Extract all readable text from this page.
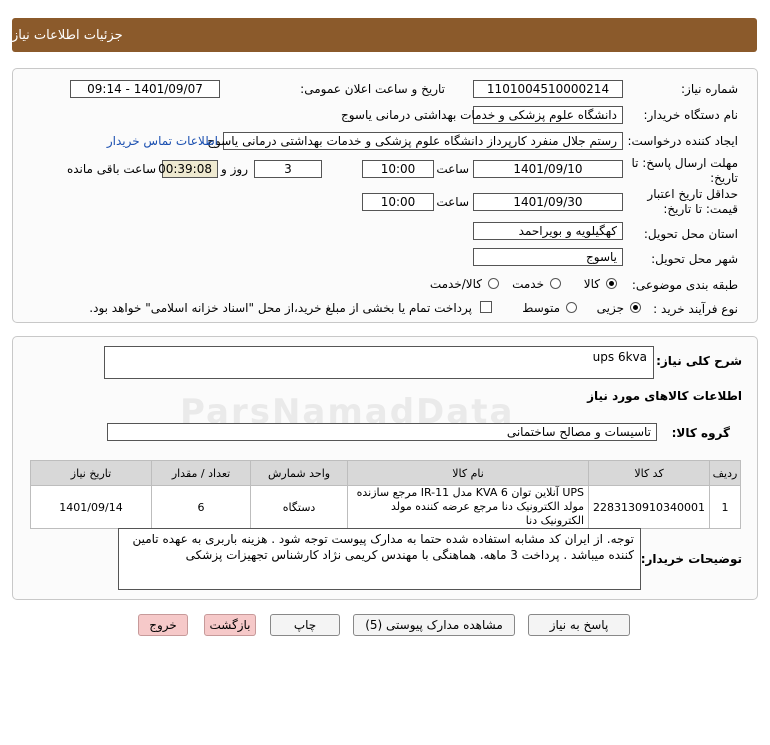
جزئیات اطلاعات نیاز
شماره نیاز:
1101004510000214
تاریخ و ساعت اعلان عمومی:
1401/09/07 - 09:14
نام دستگاه خریدار:
دانشگاه علوم پزشکی و خدمات بهداشتی درمانی یاسوج
ایجاد کننده درخواست:
رستم جلال منفرد کارپرداز دانشگاه علوم پزشکی و خدمات بهداشتی درمانی یاسوج
اطلاعات تماس خریدار
مهلت ارسال پاسخ: تا
تاریخ:
1401/09/10
ساعت
10:00
3
روز و
00:39:08
ساعت باقی مانده
حداقل تاریخ اعتبار
قیمت: تا تاریخ:
1401/09/30
ساعت
10:00
استان محل تحویل:
کهگیلویه و بویراحمد
شهر محل تحویل:
یاسوج
طبقه بندی موضوعی:
کالا
خدمت
کالا/خدمت
نوع فرآیند خرید :
جزیی
متوسط
پرداخت تمام یا بخشی از مبلغ خرید،از محل "اسناد خزانه اسلامی" خواهد بود.
شرح کلی نیاز:
ups 6kva
اطلاعات کالاهای مورد نیاز
گروه کالا:
تاسیسات و مصالح ساختمانی
ردیف	کد کالا	نام کالا	واحد شمارش	تعداد / مقدار	تاریخ نیاز
1	2283130910340001	UPS آنلاین توان KVA 6 مدل IR-11 مرجع سازنده مولد الکترونیک دنا مرجع عرضه کننده مولد الکترونیک دنا	دستگاه	6	1401/09/14
توضیحات خریدار:
توجه. از ایران کد مشابه استفاده شده حتما به مدارک پیوست توجه شود . هزینه باربری به عهده تامین کننده میباشد . پرداخت 3 ماهه. هماهنگی با مهندس کریمی نژاد کارشناس تجهیزات پزشکی
پاسخ به نیاز
مشاهده مدارک پیوستی (5)
چاپ
بازگشت
خروج
